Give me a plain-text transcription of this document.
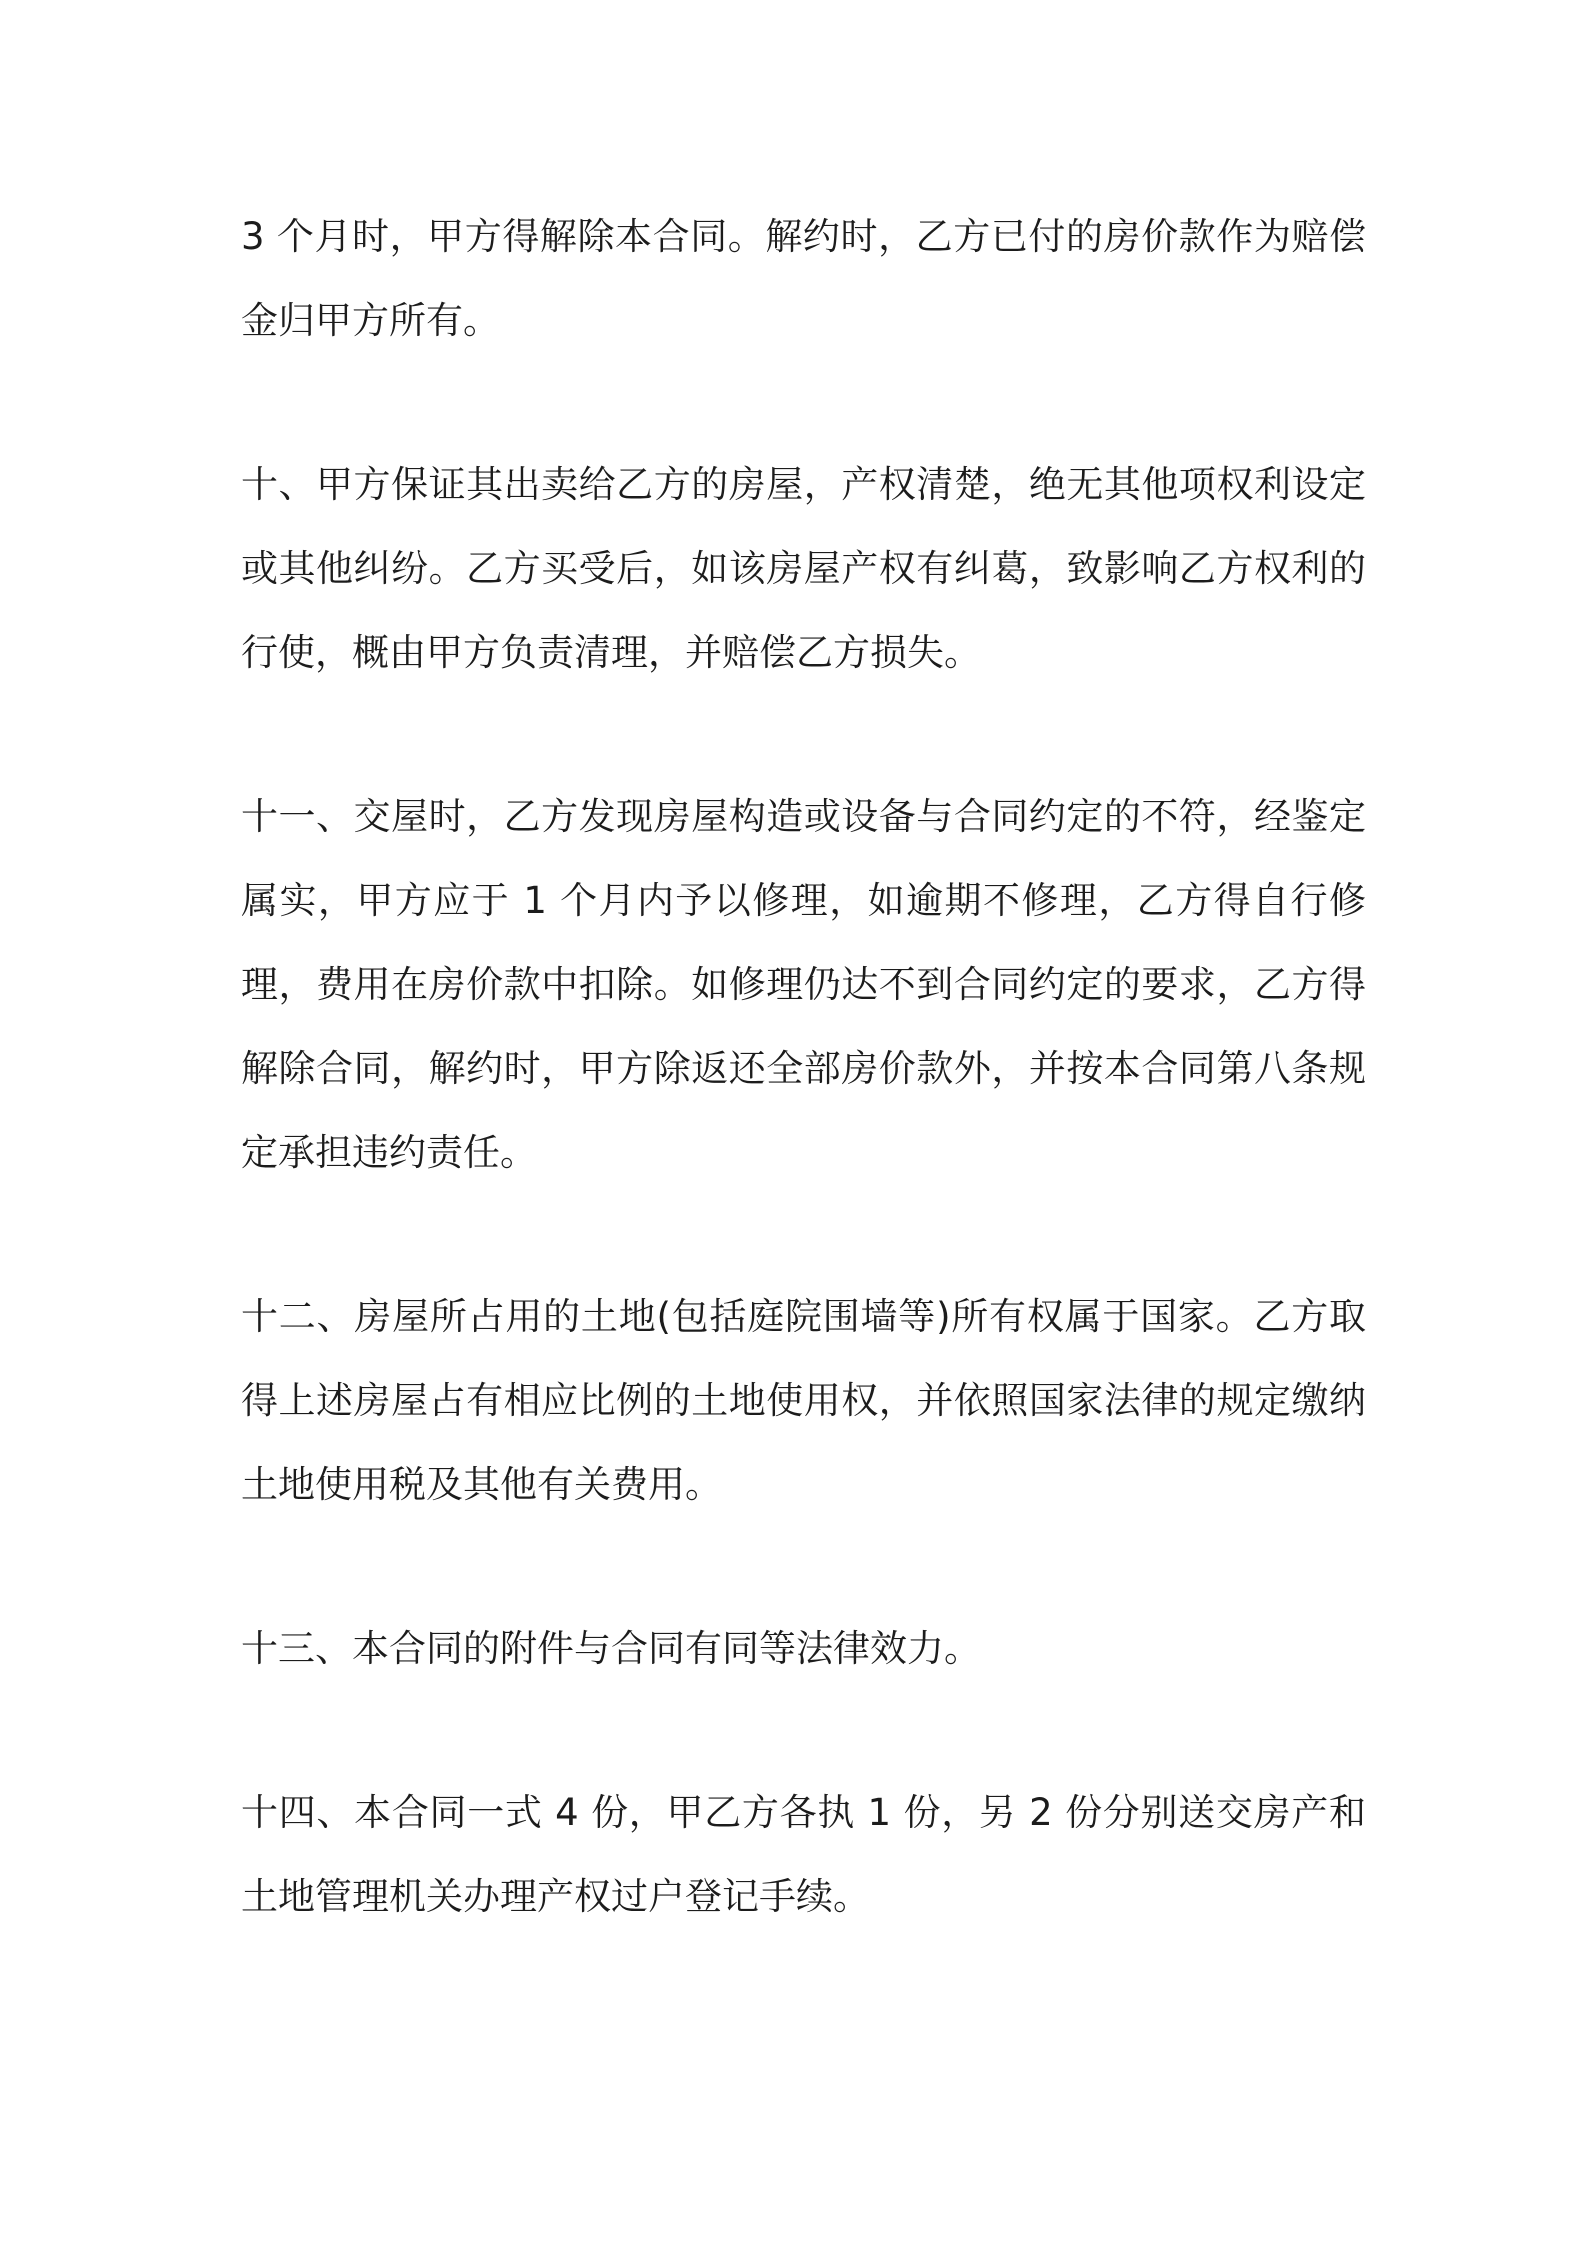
3 个月时，甲方得解除本合同。解约时，乙方已付的房价款作为赔偿金归甲方所有。

十、甲方保证其出卖给乙方的房屋，产权清楚，绝无其他项权利设定或其他纠纷。乙方买受后，如该房屋产权有纠葛，致影响乙方权利的行使，概由甲方负责清理，并赔偿乙方损失。

十一、交屋时，乙方发现房屋构造或设备与合同约定的不符，经鉴定属实，甲方应于 1 个月内予以修理，如逾期不修理，乙方得自行修理，费用在房价款中扣除。如修理仍达不到合同约定的要求，乙方得解除合同，解约时，甲方除返还全部房价款外，并按本合同第八条规定承担违约责任。

十二、房屋所占用的土地(包括庭院围墙等)所有权属于国家。乙方取得上述房屋占有相应比例的土地使用权，并依照国家法律的规定缴纳土地使用税及其他有关费用。

十三、本合同的附件与合同有同等法律效力。

十四、本合同一式 4 份，甲乙方各执 1 份，另 2 份分别送交房产和土地管理机关办理产权过户登记手续。
